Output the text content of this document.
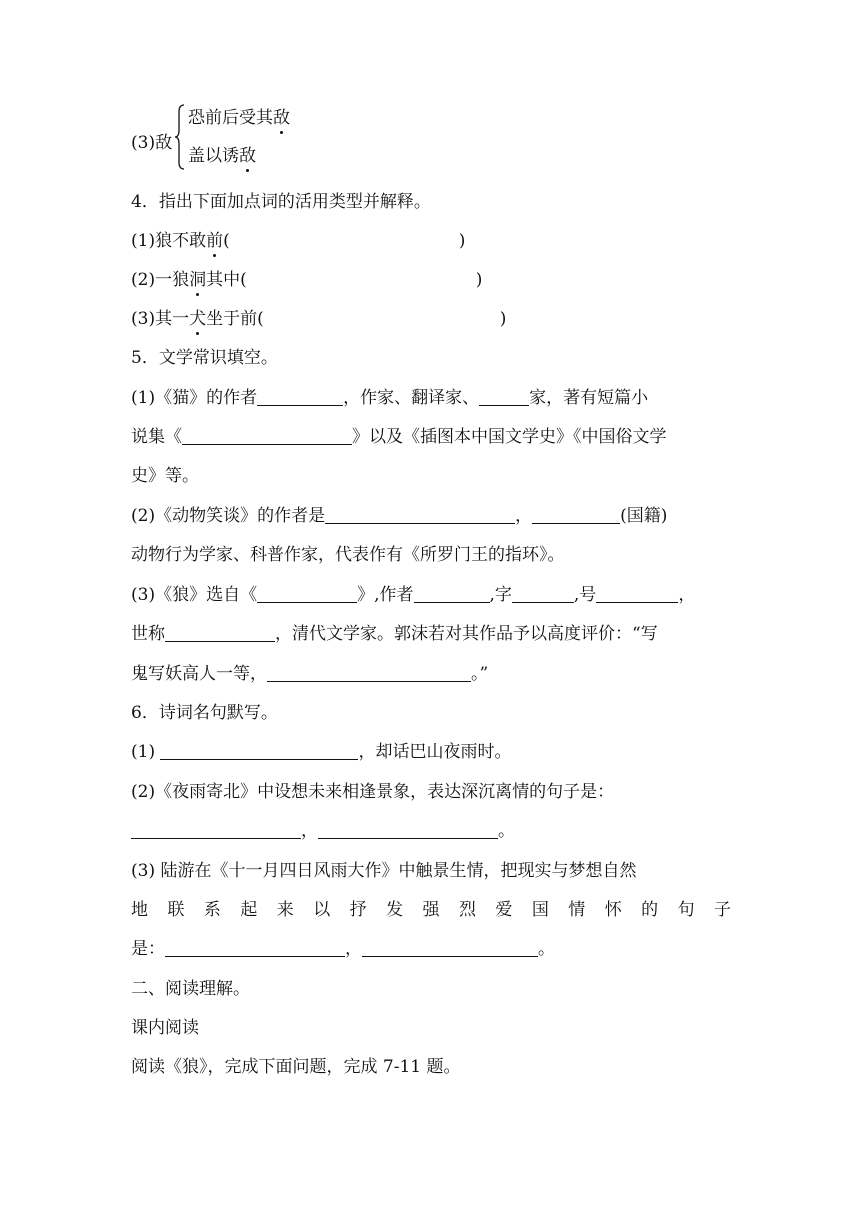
(3)敌
恐前后受其敌
盖以诱敌
4．指出下面加点词的活用类型并解释。
(1)狼不敢前(	)
(2)一狼洞其中(	)
(3)其一犬坐于前(	)
5．文学常识填空。
(1)《猫》的作者	，作家、翻译家、	家，著有短篇小
说集《	》以及《插图本中国文学史》《中国俗文学
史》等。
(2)《动物笑谈》的作者是	，	(国籍)
动物行为学家、科普作家，代表作有《所罗门王的指环》。
(3)《狼》选自《	》,作者	,字	,号	，
世称	，清代文学家。郭沫若对其作品予以高度评价：“写
鬼写妖高人一等，	。”
6．诗词名句默写。
(1)	，却话巴山夜雨时。
(2)《夜雨寄北》中设想未来相逢景象，表达深沉离情的句子是：
，	。
(3) 陆游在《十一月四日风雨大作》中触景生情，把现实与梦想自然
地 联 系 起 来 以 抒 发 强 烈 爱 国 情 怀 的 句 子
是：	，	。
二、阅读理解。
课内阅读
阅读《狼》，完成下面问题，完成 7-11 题。
